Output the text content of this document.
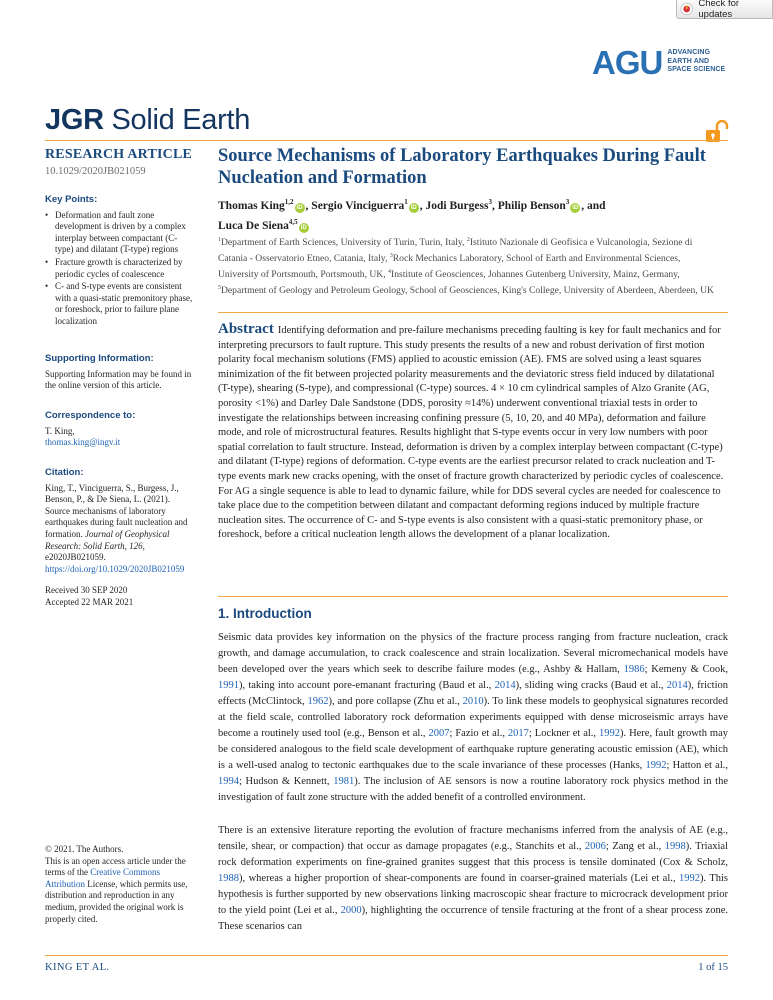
Check for updates
AGU ADVANCING
EARTH AND
SPACE SCIENCE
JGR Solid Earth
RESEARCH ARTICLE
10.1029/2020JB021059
Key Points:
• Deformation and fault zone development is driven by a complex interplay between compactant (C-type) and dilatant (T-type) regions
• Fracture growth is characterized by periodic cycles of coalescence
• C- and S-type events are consistent with a quasi-static premonitory phase, or foreshock, prior to failure plane localization
Supporting Information:

Supporting Information may be found in the online version of this article.

Correspondence to:
T. King,
thomas.king@ingv.it
Citation:

King, T., Vinciguerra, S., Burgess, J., Benson, P., & De Siena, L. (2021). Source mechanisms of laboratory earthquakes during fault nucleation and formation. Journal of Geophysical Research: Solid Earth, 126, e2020JB021059. https://doi.org/10.1029/2020JB021059

Received 30 SEP 2020
Accepted 22 MAR 2021
Source Mechanisms of Laboratory Earthquakes During Fault Nucleation and Formation
Thomas King$^{1,2}$iD , Sergio Vinciguerra$^1$iD , Jodi Burgess$^3$, Philip Benson$^3$iD , and
Luca De Siena$^{4,5}$iD
$^1$Department of Earth Sciences, University of Turin, Turin, Italy, $^2$Istituto Nazionale di Geofisica e Vulcanologia, Sezione di Catania - Osservatorio Etneo, Catania, Italy, $^3$Rock Mechanics Laboratory, School of Earth and Environmental Sciences, University of Portsmouth, Portsmouth, UK, $^4$Institute of Geosciences, Johannes Gutenberg University, Mainz, Germany, $^5$Department of Geology and Petroleum Geology, School of Geosciences, King's College, University of Aberdeen, Aberdeen, UK
Abstract Identifying deformation and pre-failure mechanisms preceding faulting is key for fault mechanics and for interpreting precursors to fault rupture. This study presents the results of a new and robust derivation of first motion polarity focal mechanism solutions (FMS) applied to acoustic emission (AE). FMS are solved using a least squares minimization of the fit between projected polarity measurements and the deviatoric stress field induced by dilatational (T-type), shearing (S-type), and compressional (C-type) sources. 4 × 10 cm cylindrical samples of Alzo Granite (AG, porosity <1%) and Darley Dale Sandstone (DDS, porosity ≈14%) underwent conventional triaxial tests in order to investigate the relationships between increasing confining pressure (5, 10, 20, and 40 MPa), deformation and failure mode, and role of microstructural features. Results highlight that S-type events occur in very low numbers with poor spatial correlation to fault structure. Instead, deformation is driven by a complex interplay between compactant (C-type) and dilatant (T-type) regions of deformation. C-type events are the earliest precursor related to crack nucleation and T-type events mark new cracks opening, with the onset of fracture growth characterized by periodic cycles of coalescence. For AG a single sequence is able to lead to dynamic failure, while for DDS several cycles are needed for coalescence to take place due to the competition between dilatant and compactant deforming regions induced by multiple fracture nucleation sites. The occurrence of C- and S-type events is also consistent with a quasi-static premonitory phase, or foreshock, before a critical nucleation length allows the development of a planar localization.
1. Introduction
Seismic data provides key information on the physics of the fracture process ranging from fracture nucleation, crack growth, and damage accumulation, to crack coalescence and strain localization. Several micromechanical models have been developed over the years which seek to describe failure modes (e.g., Ashby & Hallam, 1986; Kemeny & Cook, 1991), taking into account pore-emanant fracturing (Baud et al., 2014), sliding wing cracks (Baud et al., 2014), friction effects (McClintock, 1962), and pore collapse (Zhu et al., 2010). To link these models to geophysical signatures recorded at the field scale, controlled laboratory rock deformation experiments equipped with dense microseismic arrays have become a routinely used tool (e.g., Benson et al., 2007; Fazio et al., 2017; Lockner et al., 1992). Here, fault growth may be considered analogous to the field scale development of earthquake rupture generating acoustic emission (AE), which is a well-used analog to tectonic earthquakes due to the scale invariance of these processes (Hanks, 1992; Hatton et al., 1994; Hudson & Kennett, 1981). The inclusion of AE sensors is now a routine laboratory rock physics method in the investigation of fault zone structure with the added benefit of a controlled environment.
There is an extensive literature reporting the evolution of fracture mechanisms inferred from the analysis of AE (e.g., tensile, shear, or compaction) that occur as damage propagates (e.g., Stanchits et al., 2006; Zang et al., 1998). Triaxial rock deformation experiments on fine-grained granites suggest that this process is tensile dominated (Cox & Scholz, 1988), whereas a higher proportion of shear-components are found in coarser-grained materials (Lei et al., 1992). This hypothesis is further supported by new observations linking macroscopic shear fracture to microcrack development prior to the yield point (Lei et al., 2000), highlighting the occurrence of tensile fracturing at the front of a shear process zone. These scenarios can
© 2021. The Authors.
This is an open access article under the terms of the Creative Commons Attribution License, which permits use, distribution and reproduction in any medium, provided the original work is properly cited.
KING ET AL.	1 of 15
